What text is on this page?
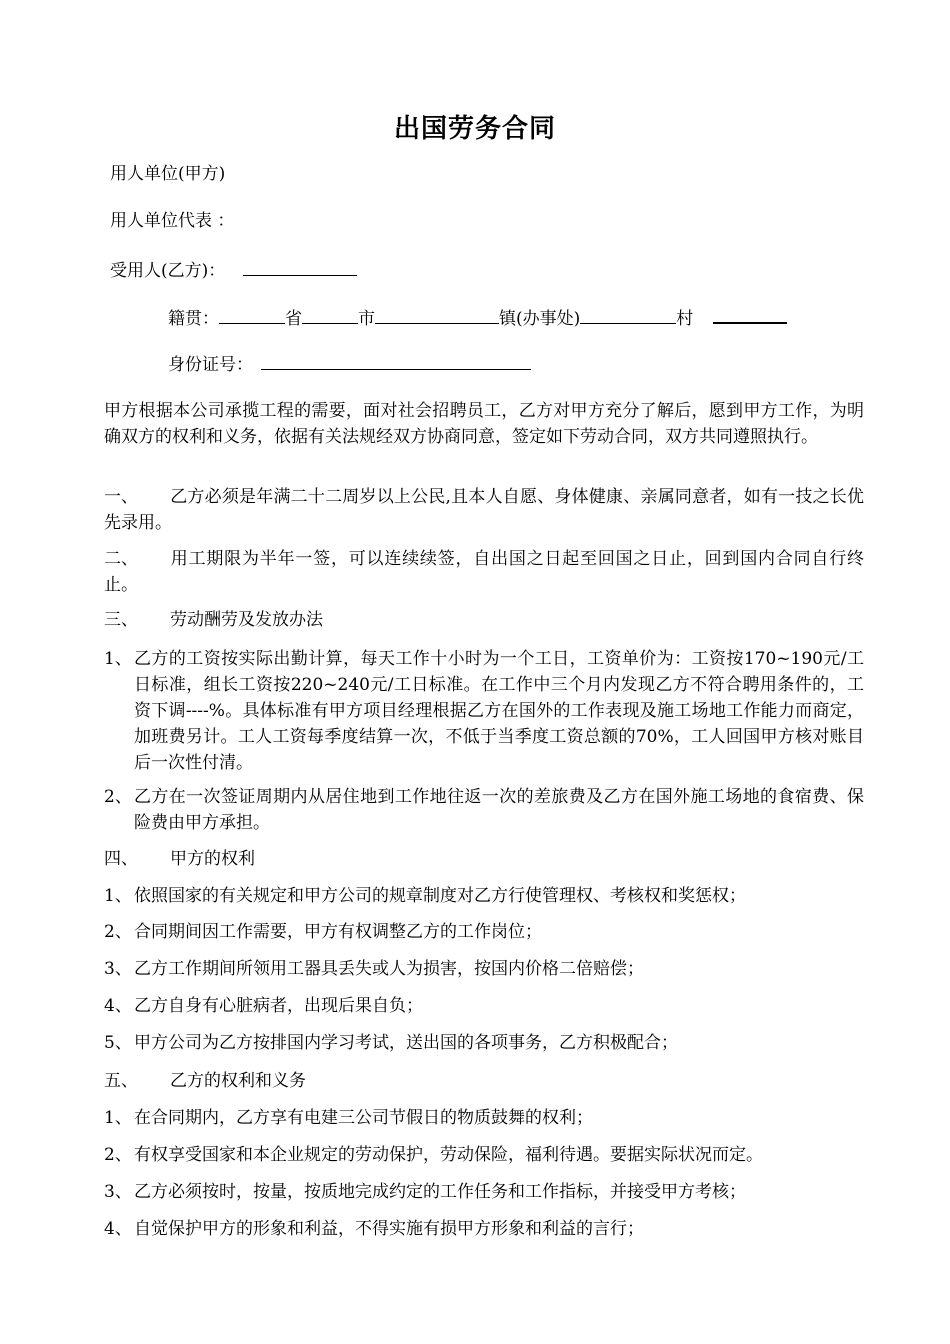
出国劳务合同
用人单位(甲方)
用人单位代表 ：
受用人(乙方)：
籍贯：	省	市	镇(办事处)	村
身份证号：
甲方根据本公司承揽工程的需要，面对社会招聘员工，乙方对甲方充分了解后，愿到甲方工作，为明确双方的权利和义务，依据有关法规经双方协商同意，签定如下劳动合同，双方共同遵照执行。
一、 乙方必须是年满二十二周岁以上公民,且本人自愿、身体健康、亲属同意者，如有一技之长优先录用。
二、 用工期限为半年一签，可以连续续签，自出国之日起至回国之日止，回到国内合同自行终止。
三、 劳动酬劳及发放办法
1、 乙方的工资按实际出勤计算，每天工作十小时为一个工日，工资单价为：工资按170~190元/工日标准，组长工资按220~240元/工日标准。在工作中三个月内发现乙方不符合聘用条件的，工资下调----%。具体标准有甲方项目经理根据乙方在国外的工作表现及施工场地工作能力而商定，加班费另计。工人工资每季度结算一次，不低于当季度工资总额的70%，工人回国甲方核对账目后一次性付清。
2、 乙方在一次签证周期内从居住地到工作地往返一次的差旅费及乙方在国外施工场地的食宿费、保险费由甲方承担。
四、 甲方的权利
1、 依照国家的有关规定和甲方公司的规章制度对乙方行使管理权、考核权和奖惩权；
2、 合同期间因工作需要，甲方有权调整乙方的工作岗位；
3、 乙方工作期间所领用工器具丢失或人为损害，按国内价格二倍赔偿；
4、 乙方自身有心脏病者，出现后果自负；
5、 甲方公司为乙方按排国内学习考试，送出国的各项事务，乙方积极配合；
五、 乙方的权利和义务
1、 在合同期内，乙方享有电建三公司节假日的物质鼓舞的权利；
2、 有权享受国家和本企业规定的劳动保护，劳动保险，福利待遇。要据实际状况而定。
3、 乙方必须按时，按量，按质地完成约定的工作任务和工作指标，并接受甲方考核；
4、 自觉保护甲方的形象和利益，不得实施有损甲方形象和利益的言行；
